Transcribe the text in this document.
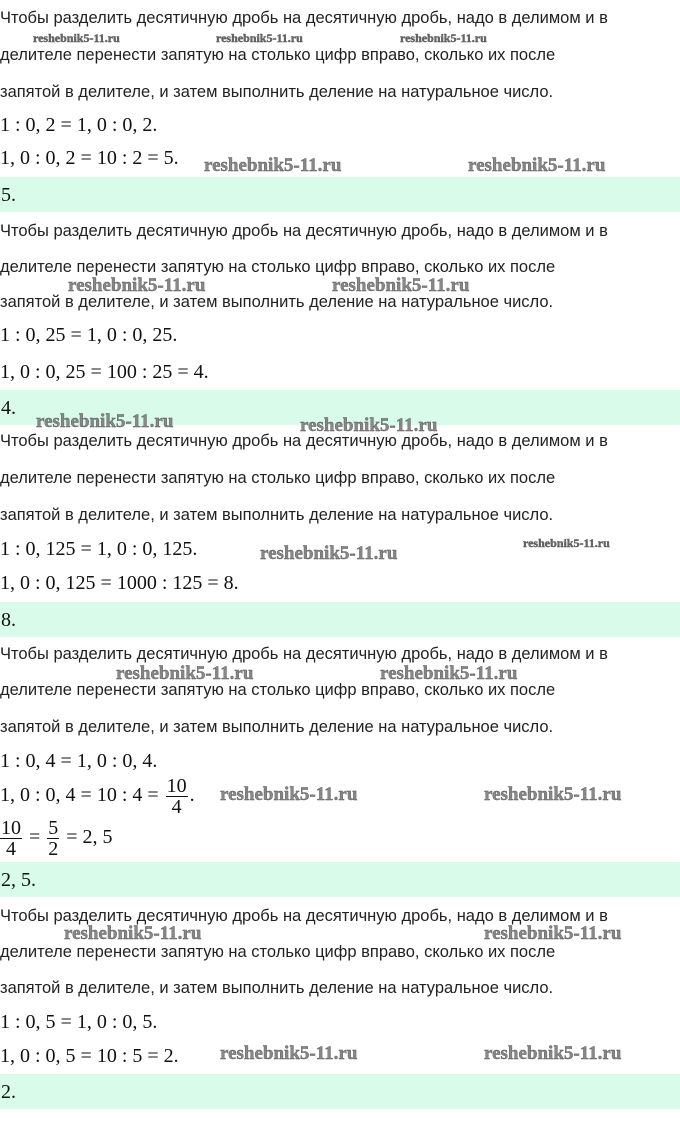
Чтобы разделить десятичную дробь на десятичную дробь, надо в делимом и в
делителе перенести запятую на столько цифр вправо, сколько их после
запятой в делителе, и затем выполнить деление на натуральное число.
1 : 0, 2 = 1, 0 : 0, 2.
1, 0 : 0, 2 = 10 : 2 = 5.
5.
Чтобы разделить десятичную дробь на десятичную дробь, надо в делимом и в
делителе перенести запятую на столько цифр вправо, сколько их после
запятой в делителе, и затем выполнить деление на натуральное число.
1 : 0, 25 = 1, 0 : 0, 25.
1, 0 : 0, 25 = 100 : 25 = 4.
4.
Чтобы разделить десятичную дробь на десятичную дробь, надо в делимом и в
делителе перенести запятую на столько цифр вправо, сколько их после
запятой в делителе, и затем выполнить деление на натуральное число.
1 : 0, 125 = 1, 0 : 0, 125.
1, 0 : 0, 125 = 1000 : 125 = 8.
8.
Чтобы разделить десятичную дробь на десятичную дробь, надо в делимом и в
делителе перенести запятую на столько цифр вправо, сколько их после
запятой в делителе, и затем выполнить деление на натуральное число.
1 : 0, 4 = 1, 0 : 0, 4.
1, 0 : 0, 4 = 10 : $4 = \frac{10}{4}$ .
$\frac{10}{4} = \frac{5}{2} = 2$, 5
2, 5.
Чтобы разделить десятичную дробь на десятичную дробь, надо в делимом и в
делителе перенести запятую на столько цифр вправо, сколько их после
запятой в делителе, и затем выполнить деление на натуральное число.
1 : 0, 5 = 1, 0 : 0, 5.
1, 0 : 0, 5 = 10 : 5 = 2.
2.
reshebnik5-11.ru	reshebnik5-11.ru	reshebnik5-11.ru
reshebnik5-11.ru	reshebnik5-11.ru
reshebnik5-11.ru	reshebnik5-11.ru
reshebnik5-11.ru	reshebnik5-11.ru
reshebnik5-11.ru	reshebnik5-11.ru
reshebnik5-11.ru	reshebnik5-11.ru
reshebnik5-11.ru	reshebnik5-11.ru
reshebnik5-11.ru	reshebnik5-11.ru
reshebnik5-11.ru	reshebnik5-11.ru
